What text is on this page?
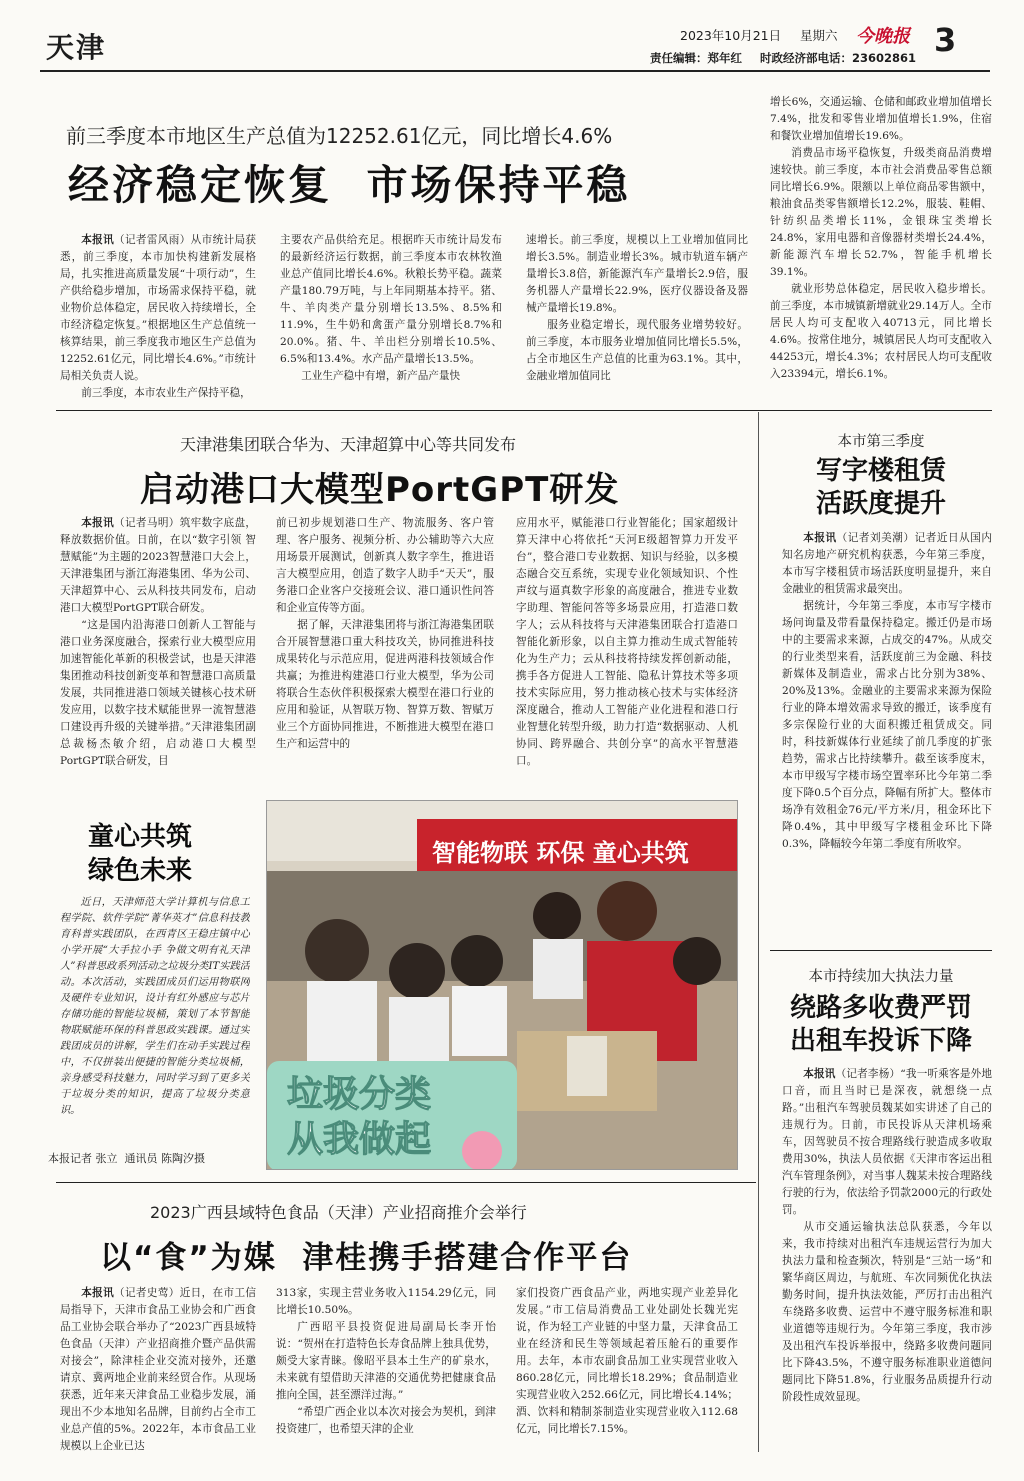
天津	2023年10月21日 星期六 今晚报 3
责任编辑：郑年红 时政经济部电话：23602861
前三季度本市地区生产总值为12252.61亿元，同比增长4.6%
经济稳定恢复  市场保持平稳

本报讯（记者雷风雨）从市统计局获悉，前三季度，本市加快构建新发展格局，扎实推进高质量发展“十项行动”，生产供给稳步增加，市场需求保持平稳，就业物价总体稳定，居民收入持续增长，全市经济稳定恢复。”根据地区生产总值统一核算结果，前三季度我市地区生产总值为12252.61亿元，同比增长4.6%。”市统计局相关负责人说。

前三季度，本市农业生产保持平稳，

主要农产品供给充足。根据昨天市统计局发布的最新经济运行数据，前三季度本市农林牧渔业总产值同比增长4.6%。秋粮长势平稳。蔬菜产量180.79万吨，与上年同期基本持平。猪、牛、羊肉类产量分别增长13.5%、8.5%和11.9%，生牛奶和禽蛋产量分别增长8.7%和20.0%。猪、牛、羊出栏分别增长10.5%、6.5%和13.4%。水产品产量增长13.5%。

工业生产稳中有增，新产品产量快

速增长。前三季度，规模以上工业增加值同比增长3.5%。制造业增长3%。城市轨道车辆产量增长3.8倍，新能源汽车产量增长2.9倍，服务机器人产量增长22.9%，医疗仪器设备及器械产量增长19.8%。

服务业稳定增长，现代服务业增势较好。前三季度，本市服务业增加值同比增长5.5%，占全市地区生产总值的比重为63.1%。其中，金融业增加值同比

增长6%，交通运输、仓储和邮政业增加值增长7.4%，批发和零售业增加值增长1.9%，住宿和餐饮业增加值增长19.6%。

消费品市场平稳恢复，升级类商品消费增速较快。前三季度，本市社会消费品零售总额同比增长6.9%。限额以上单位商品零售额中，粮油食品类零售额增长12.2%，服装、鞋帽、针纺织品类增长11%，金银珠宝类增长24.8%，家用电器和音像器材类增长24.4%，新能源汽车增长52.7%，智能手机增长39.1%。

就业形势总体稳定，居民收入稳步增长。前三季度，本市城镇新增就业29.14万人。全市居民人均可支配收入40713元，同比增长4.6%。按常住地分，城镇居民人均可支配收入44253元，增长4.3%；农村居民人均可支配收入23394元，增长6.1%。

天津港集团联合华为、天津超算中心等共同发布
启动港口大模型PortGPT研发

本报讯（记者马明）筑牢数字底盘，释放数据价值。日前，在以“数字引领 智慧赋能”为主题的2023智慧港口大会上，天津港集团与浙江海港集团、华为公司、天津超算中心、云从科技共同发布，启动港口大模型PortGPT联合研发。

“这是国内沿海港口创新人工智能与港口业务深度融合，探索行业大模型应用加速智能化革新的积极尝试，也是天津港集团推动科技创新变革和智慧港口高质量发展，共同推进港口领域关键核心技术研发应用，以数字技术赋能世界一流智慧港口建设再升级的关键举措。”天津港集团副总裁杨杰敏介绍，启动港口大模型PortGPT联合研发，目

前已初步规划港口生产、物流服务、客户管理、客户服务、视频分析、办公辅助等六大应用场景开展测试，创新真人数字孪生，推进语言大模型应用，创造了数字人助手“天天”，服务港口企业客户交接班会议、港口通识性问答和企业宣传等方面。

据了解，天津港集团将与浙江海港集团联合开展智慧港口重大科技攻关，协同推进科技成果转化与示范应用，促进两港科技领域合作共赢；为推进构建港口行业大模型，华为公司将联合生态伙伴积极探索大模型在港口行业的应用和验证，从智联万物、智算万数、智赋万业三个方面协同推进，不断推进大模型在港口生产和运营中的

应用水平，赋能港口行业智能化；国家超级计算天津中心将依托“天河E级超智算力开发平台”，整合港口专业数据、知识与经验，以多模态融合交互系统，实现专业化领域知识、个性声纹与逼真数字形象的高度融合，推进专业数字助理、智能问答等多场景应用，打造港口数字人；云从科技将与天津港集团联合打造港口智能化新形象，以自主算力推动生成式智能转化为生产力；云从科技将持续发挥创新动能，携手各方促进人工智能、隐私计算技术等多项技术实际应用，努力推动核心技术与实体经济深度融合，推动人工智能产业化进程和港口行业智慧化转型升级，助力打造“数据驱动、人机协同、跨界融合、共创分享”的高水平智慧港口。

童心共筑
绿色未来

近日，天津师范大学计算机与信息工程学院、软件学院“菁华英才”信息科技教育科普实践团队，在西青区王稳庄镇中心小学开展“大手拉小手 争做文明有礼天津人”科普思政系列活动之垃圾分类IT实践活动。本次活动，实践团成员们运用物联网及硬件专业知识，设计有红外感应与芯片存储功能的智能垃圾桶，策划了本节智能物联赋能环保的科普思政实践课。通过实践团成员的讲解，学生们在动手实践过程中，不仅拼装出便捷的智能分类垃圾桶，亲身感受科技魅力，同时学习到了更多关于垃圾分类的知识，提高了垃圾分类意识。

本报记者 张立  通讯员 陈陶汐摄
智能物联 环保 童心共筑
垃圾分类
从我做起
2023广西县域特色食品（天津）产业招商推介会举行
以“食”为媒  津桂携手搭建合作平台

本报讯（记者史莺）近日，在市工信局指导下，天津市食品工业协会和广西食品工业协会联合举办了“2023广西县域特色食品（天津）产业招商推介暨产品供需对接会”，除津桂企业交流对接外，还邀请京、冀两地企业前来经贸合作。从现场获悉，近年来天津食品工业稳步发展，涌现出不少本地知名品牌，目前约占全市工业总产值的5%。2022年，本市食品工业规模以上企业已达

313家，实现主营业务收入1154.29亿元，同比增长10.50%。

广西昭平县投资促进局副局长李开怡说：“贺州在打造特色长寿食品牌上独具优势，颇受大家青睐。像昭平县本土生产的矿泉水，未来就有望借助天津港的交通优势把健康食品推向全国，甚至漂洋过海。”

“希望广西企业以本次对接会为契机，到津投资建厂，也希望天津的企业

家们投资广西食品产业，两地实现产业差异化发展。”市工信局消费品工业处副处长魏光宪说，作为轻工产业链的中坚力量，天津食品工业在经济和民生等领域起着压舱石的重要作用。去年，本市农副食品加工业实现营业收入860.28亿元，同比增长18.29%；食品制造业实现营业收入252.66亿元，同比增长4.14%；酒、饮料和精制茶制造业实现营业收入112.68亿元，同比增长7.15%。

本市第三季度
写字楼租赁
活跃度提升

本报讯（记者刘美潮）记者近日从国内知名房地产研究机构获悉，今年第三季度，本市写字楼租赁市场活跃度明显提升，来自金融业的租赁需求最突出。

据统计，今年第三季度，本市写字楼市场问询量及带看量保持稳定。搬迁仍是市场中的主要需求来源，占成交的47%。从成交的行业类型来看，活跃度前三为金融、科技新媒体及制造业，需求占比分别为38%、20%及13%。金融业的主要需求来源为保险行业的降本增效需求导致的搬迁，该季度有多宗保险行业的大面积搬迁租赁成交。同时，科技新媒体行业延续了前几季度的扩张趋势，需求占比持续攀升。截至该季度末，本市甲级写字楼市场空置率环比今年第二季度下降0.5个百分点，降幅有所扩大。整体市场净有效租金76元/平方米/月，租金环比下降0.4%，其中甲级写字楼租金环比下降0.3%，降幅较今年第二季度有所收窄。

本市持续加大执法力量
绕路多收费严罚
出租车投诉下降

本报讯（记者李杨）“我一听乘客是外地口音，而且当时已是深夜，就想绕一点路。”出租汽车驾驶员魏某如实讲述了自己的违规行为。日前，市民投诉从天津机场乘车，因驾驶员不按合理路线行驶造成多收取费用30%，执法人员依据《天津市客运出租汽车管理条例》，对当事人魏某未按合理路线行驶的行为，依法给予罚款2000元的行政处罚。

从市交通运输执法总队获悉，今年以来，我市持续对出租汽车违规运营行为加大执法力量和检查频次，特别是“三站一场”和繁华商区周边，与航班、车次同频优化执法勤务时间，提升执法效能，严厉打击出租汽车绕路多收费、运营中不遵守服务标准和职业道德等违规行为。今年第三季度，我市涉及出租汽车投诉举报中，绕路多收费问题同比下降43.5%，不遵守服务标准职业道德问题同比下降51.8%，行业服务品质提升行动阶段性成效显现。
